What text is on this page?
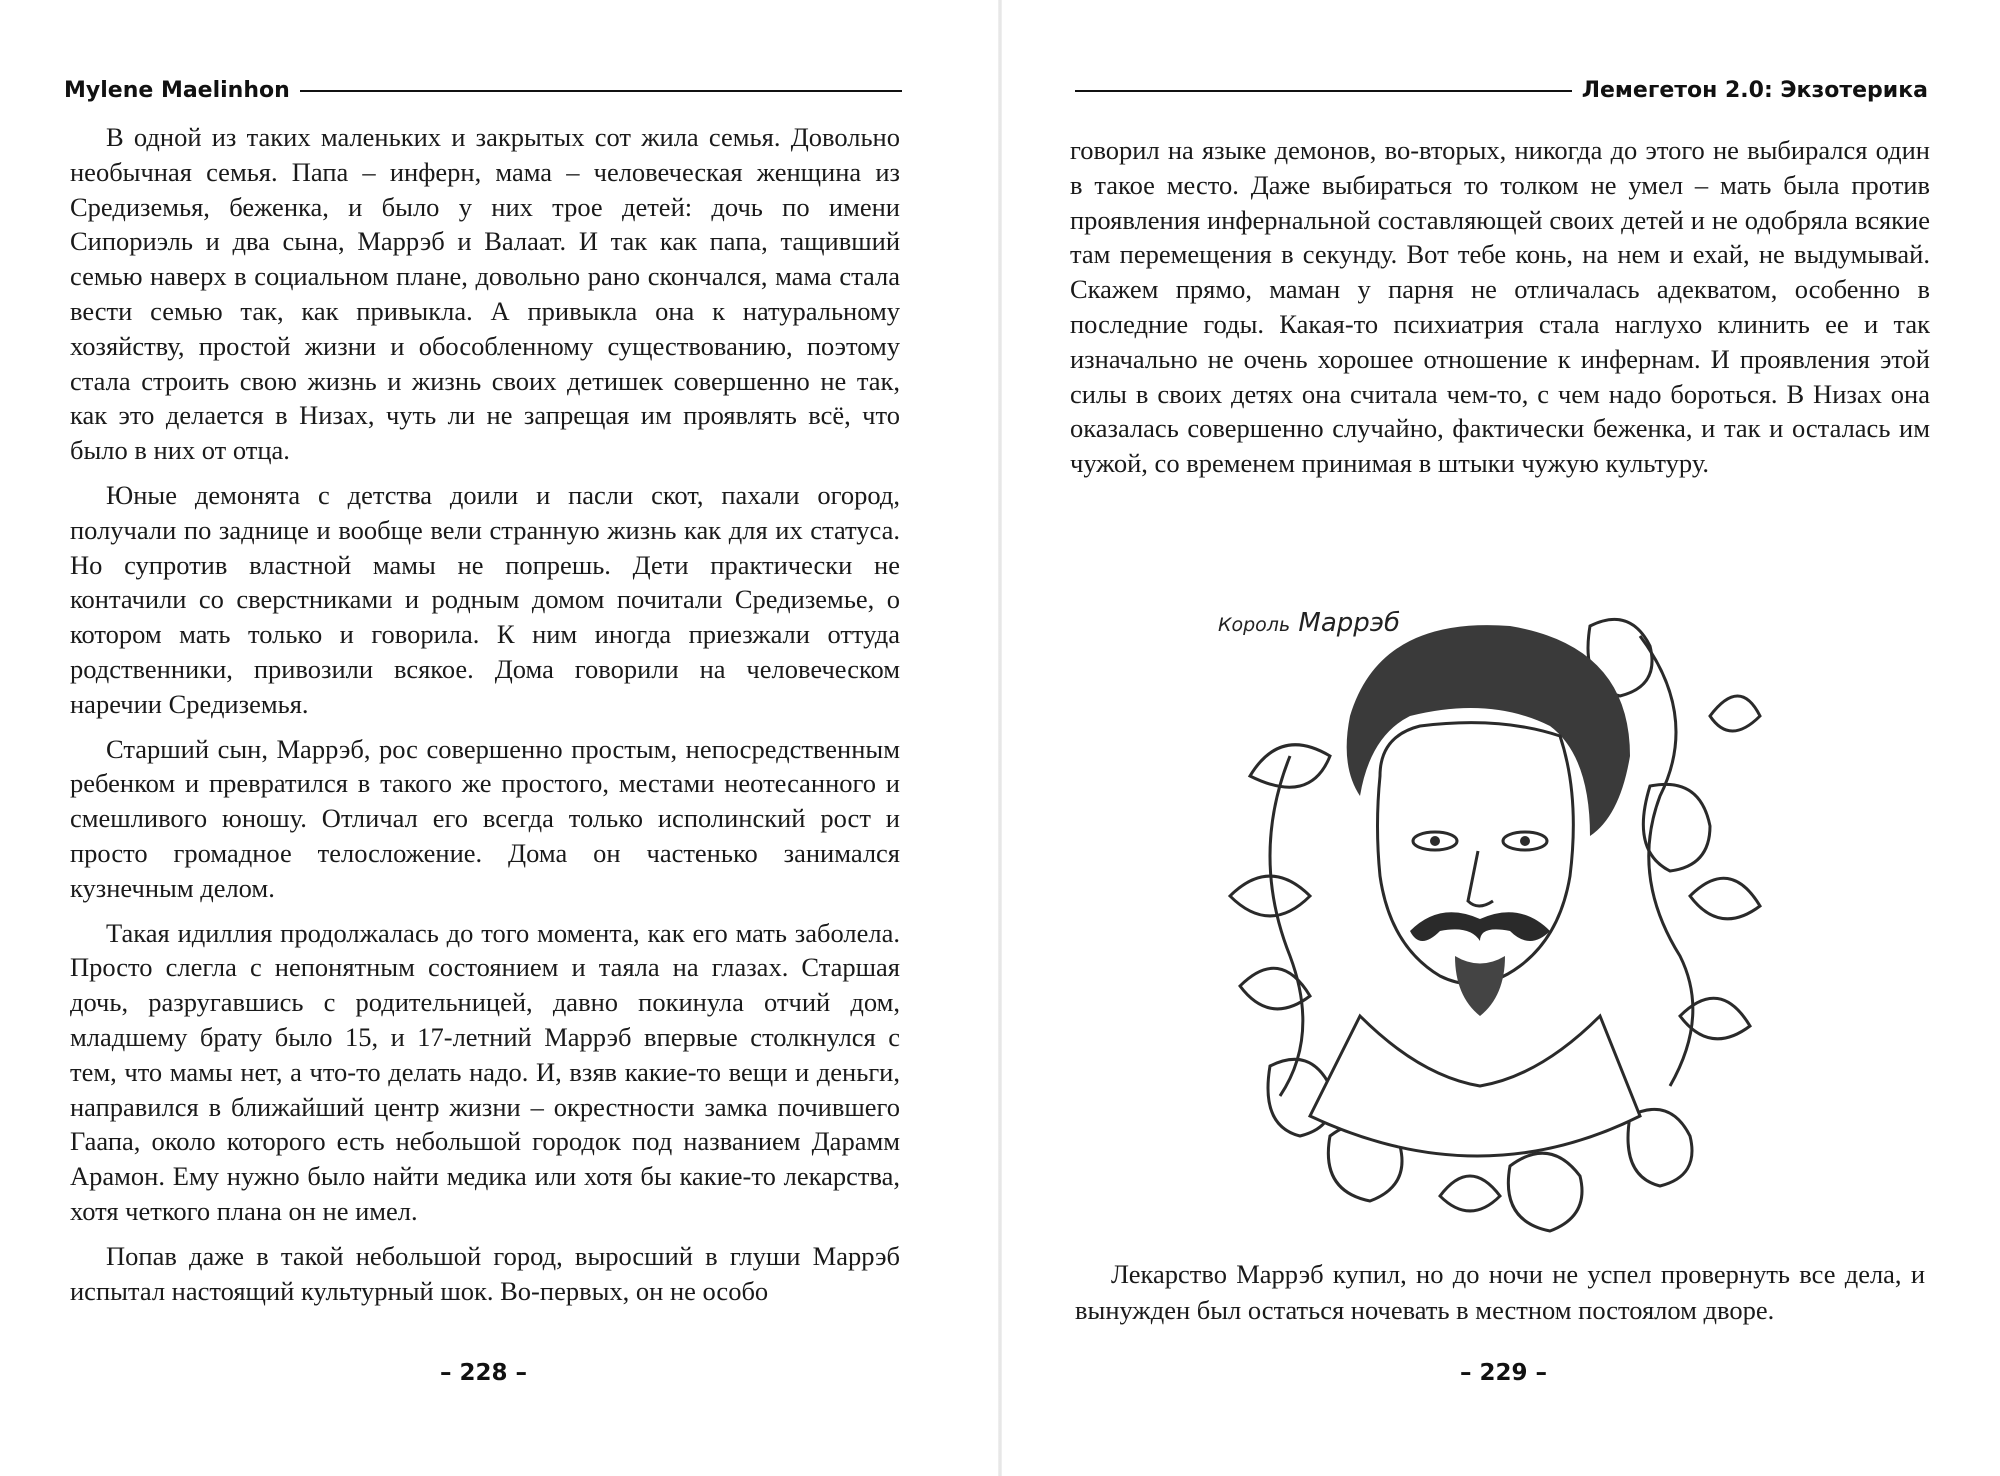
Mylene Maelinhon

В одной из таких маленьких и закрытых сот жила семья. Довольно необычная семья. Папа – инферн, мама – человеческая женщина из Средиземья, беженка, и было у них трое детей: дочь по имени Сипориэль и два сына, Маррэб и Валаат. И так как папа, тащивший семью наверх в социальном плане, довольно рано скончался, мама стала вести семью так, как привыкла. А привыкла она к натуральному хозяйству, простой жизни и обособленному существованию, поэтому стала строить свою жизнь и жизнь своих детишек совершенно не так, как это делается в Низах, чуть ли не запрещая им проявлять всё, что было в них от отца.

Юные демонята с детства доили и пасли скот, пахали огород, получали по заднице и вообще вели странную жизнь как для их статуса. Но супротив властной мамы не попрешь. Дети практически не контачили со сверстниками и родным домом почитали Средиземье, о котором мать только и говорила. К ним иногда приезжали оттуда родственники, привозили всякое. Дома говорили на человеческом наречии Средиземья.

Старший сын, Маррэб, рос совершенно простым, непосредственным ребенком и превратился в такого же простого, местами неотесанного и смешливого юношу. Отличал его всегда только исполинский рост и просто громадное телосложение. Дома он частенько занимался кузнечным делом.

Такая идиллия продолжалась до того момента, как его мать заболела. Просто слегла с непонятным состоянием и таяла на глазах. Старшая дочь, разругавшись с родительницей, давно покинула отчий дом, младшему брату было 15, и 17-летний Маррэб впервые столкнулся с тем, что мамы нет, а что-то делать надо. И, взяв какие-то вещи и деньги, направился в ближайший центр жизни – окрестности замка почившего Гаапа, около которого есть небольшой городок под названием Дарамм Арамон. Ему нужно было найти медика или хотя бы какие-то лекарства, хотя четкого плана он не имел.

Попав даже в такой небольшой город, выросший в глуши Маррэб испытал настоящий культурный шок. Во-первых, он не особо

– 228 –
Лемегетон 2.0: Экзотерика

говорил на языке демонов, во-вторых, никогда до этого не выбирался один в такое место. Даже выбираться то толком не умел – мать была против проявления инфернальной составляющей своих детей и не одобряла всякие там перемещения в секунду. Вот тебе конь, на нем и ехай, не выдумывай. Скажем прямо, маман у парня не отличалась адекватом, особенно в последние годы. Какая-то психиатрия стала наглухо клинить ее и так изначально не очень хорошее отношение к инфернам. И проявления этой силы в своих детях она считала чем-то, с чем надо бороться. В Низах она оказалась совершенно случайно, фактически беженка, и так и осталась им чужой, со временем принимая в штыки чужую культуру.

Король Маррэб

Лекарство Маррэб купил, но до ночи не успел провернуть все дела, и вынужден был остаться ночевать в местном постоялом дворе.

– 229 –
